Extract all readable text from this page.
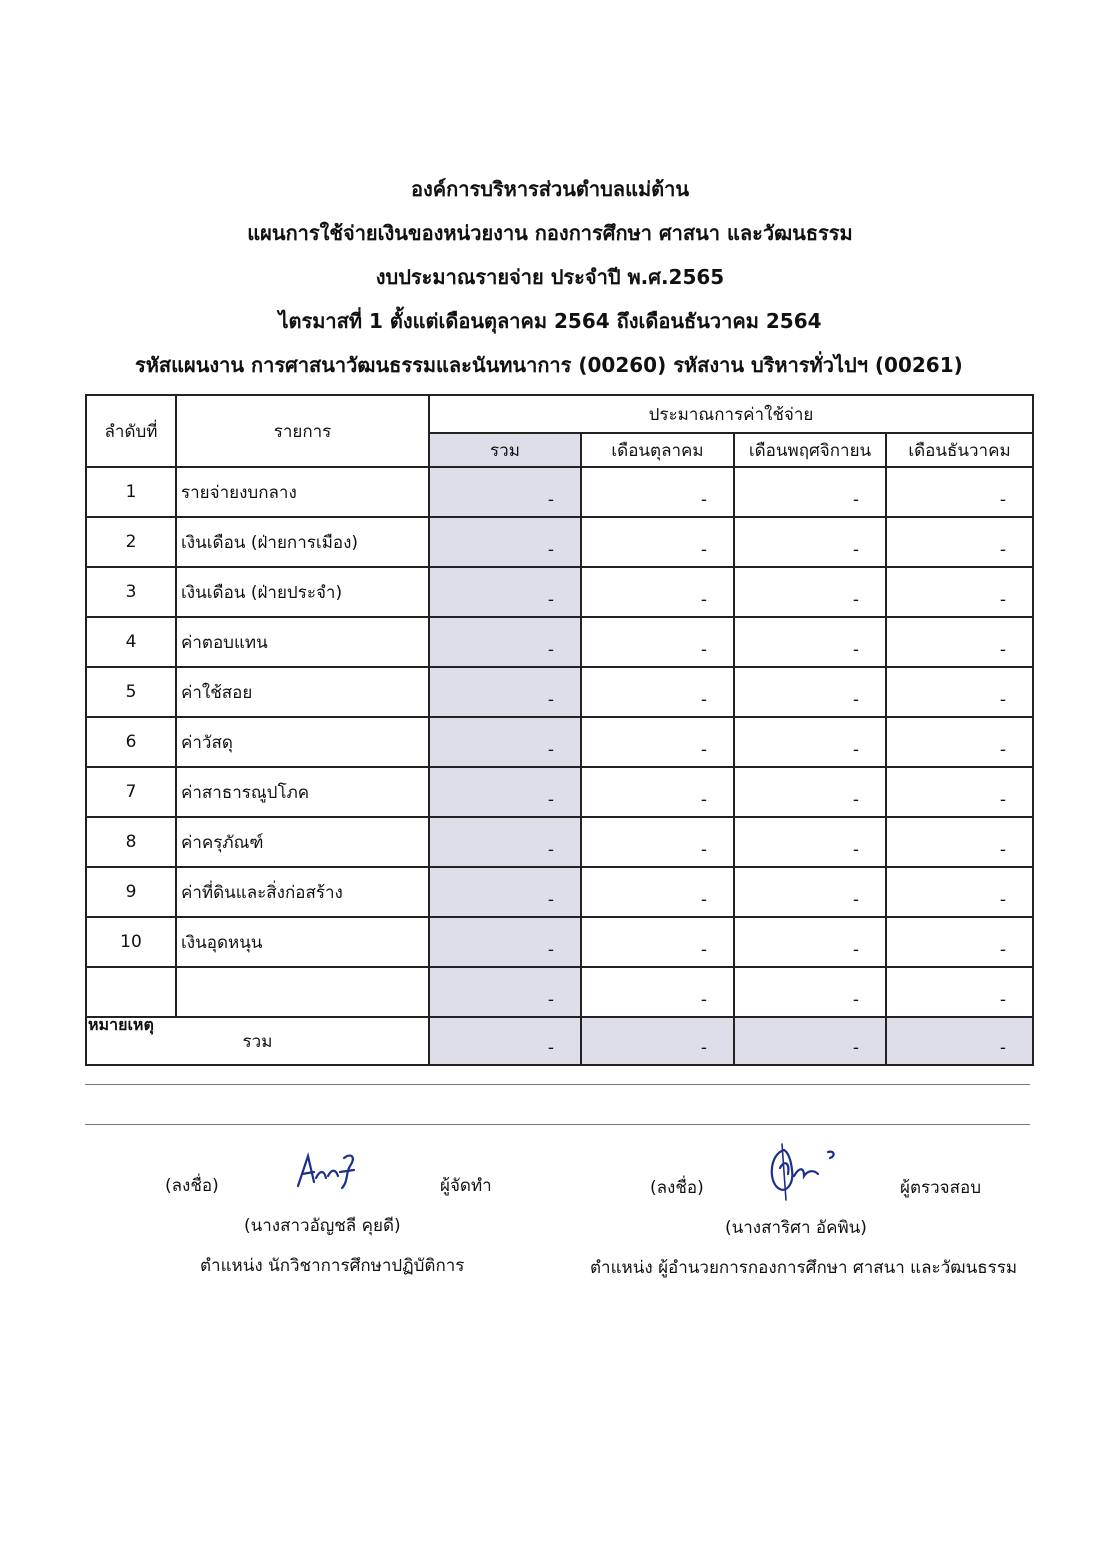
องค์การบริหารส่วนตำบลแม่ต้าน
แผนการใช้จ่ายเงินของหน่วยงาน กองการศึกษา ศาสนา และวัฒนธรรม
งบประมาณรายจ่าย ประจำปี พ.ศ.2565
ไตรมาสที่ 1 ตั้งแต่เดือนตุลาคม 2564 ถึงเดือนธันวาคม 2564
รหัสแผนงาน การศาสนาวัฒนธรรมและนันทนาการ (00260) รหัสงาน บริหารทั่วไปฯ (00261)
ลำดับที่	รายการ	ประมาณการค่าใช้จ่าย			
		รวม	เดือนตุลาคม	เดือนพฤศจิกายน	เดือนธันวาคม
1	รายจ่ายงบกลาง	-	-	-	-
2	เงินเดือน (ฝ่ายการเมือง)	-	-	-	-
3	เงินเดือน (ฝ่ายประจำ)	-	-	-	-
4	ค่าตอบแทน	-	-	-	-
5	ค่าใช้สอย	-	-	-	-
6	ค่าวัสดุ	-	-	-	-
7	ค่าสาธารณูปโภค	-	-	-	-
8	ค่าครุภัณฑ์	-	-	-	-
9	ค่าที่ดินและสิ่งก่อสร้าง	-	-	-	-
10	เงินอุดหนุน	-	-	-	-
		-	-	-	-
รวม		-	-	-	-
หมายเหตุ
(ลงชื่อ)	ผู้จัดทำ
(นางสาวอัญชลี คุยดี)
ตำแหน่ง นักวิชาการศึกษาปฏิบัติการ
(ลงชื่อ)	ผู้ตรวจสอบ
(นางสาริศา อัคพิน)
ตำแหน่ง ผู้อำนวยการกองการศึกษา ศาสนา และวัฒนธรรม
